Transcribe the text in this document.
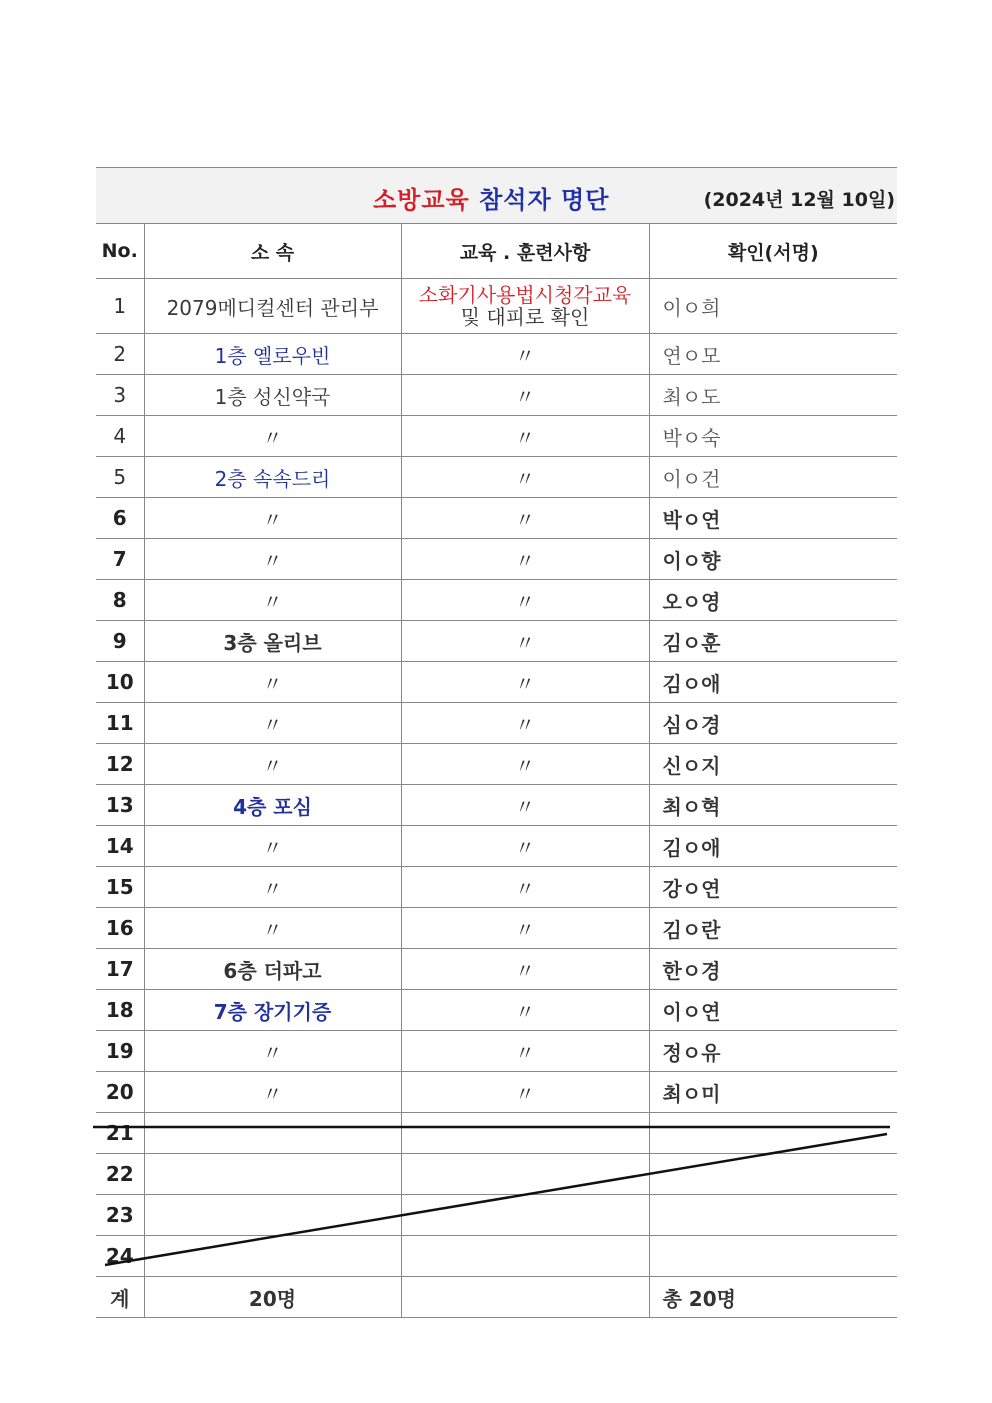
소방교육 참석자 명단 (2024년 12월 10일)			

No.	소 속	교육 . 훈련사항	확인(서명)
1	2079메디컬센터 관리부	소화기사용법시청각교육
및 대피로 확인	이ㅇ희
2	1층 옐로우빈	〃	연ㅇ모
3	1층 성신약국	〃	최ㅇ도
4	〃	〃	박ㅇ숙
5	2층 속속드리	〃	이ㅇ건
6	〃	〃	박ㅇ연
7	〃	〃	이ㅇ향
8	〃	〃	오ㅇ영
9	3층 올리브	〃	김ㅇ훈
10	〃	〃	김ㅇ애
11	〃	〃	심ㅇ경
12	〃	〃	신ㅇ지
13	4층 포심	〃	최ㅇ혁
14	〃	〃	김ㅇ애
15	〃	〃	강ㅇ연
16	〃	〃	김ㅇ란
17	6층 더파고	〃	한ㅇ경
18	7층 장기기증	〃	이ㅇ연
19	〃	〃	정ㅇ유
20	〃	〃	최ㅇ미
21			
22			
23			
24			
계	20명		총 20명
